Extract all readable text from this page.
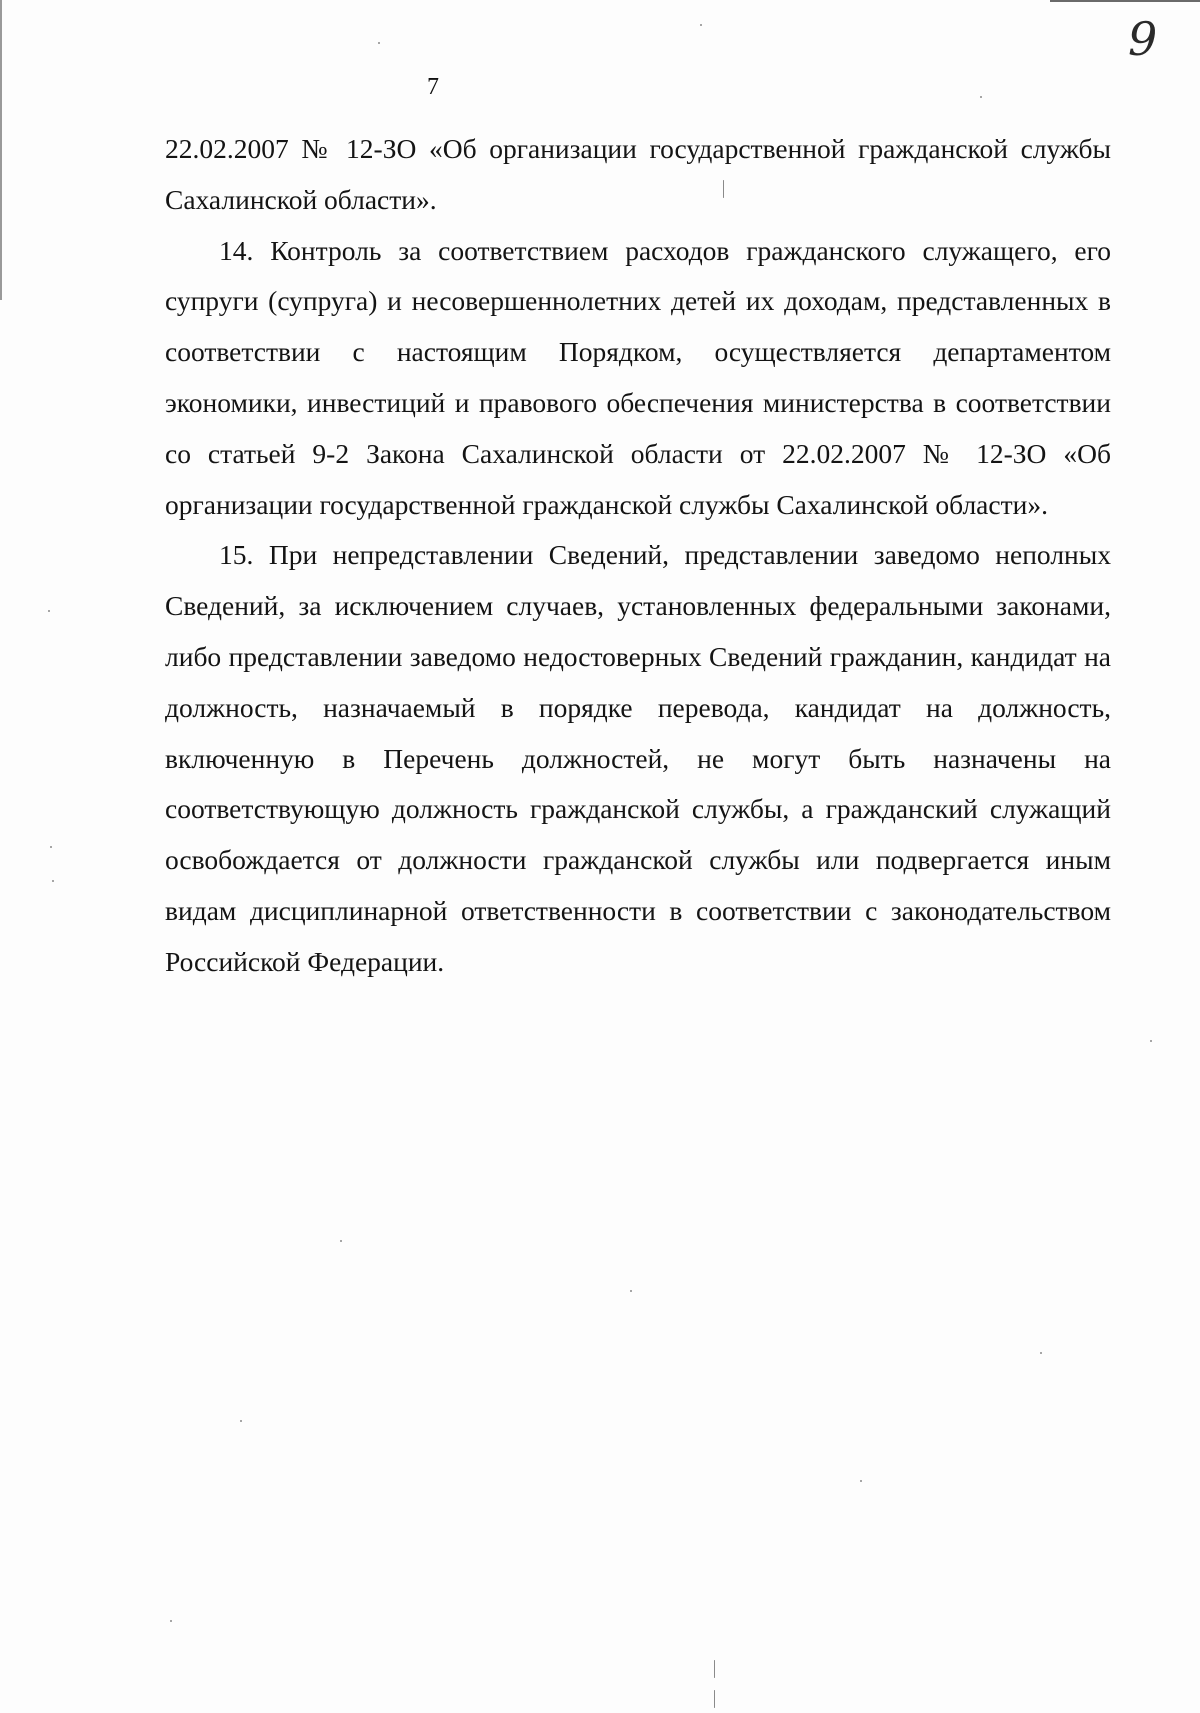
9
7

22.02.2007 № 12-ЗО «Об организации государственной гражданской службы Сахалинской области».

14. Контроль за соответствием расходов гражданского служащего, его супруги (супруга) и несовершеннолетних детей их доходам, представленных в соответствии с настоящим Порядком, осуществляется департаментом экономики, инвестиций и правового обеспечения министерства в соответствии со статьей 9-2 Закона Сахалинской области от 22.02.2007 № 12-ЗО «Об организации государственной гражданской службы Сахалинской области».

15. При непредставлении Сведений, представлении заведомо неполных Сведений, за исключением случаев, установленных федеральными законами, либо представлении заведомо недостоверных Сведений гражданин, кандидат на должность, назначаемый в порядке перевода, кандидат на должность, включенную в Перечень должностей, не могут быть назначены на соответствующую должность гражданской службы, а гражданский служащий освобождается от должности гражданской службы или подвергается иным видам дисциплинарной ответственности в соответствии с законодательством Российской Федерации.
